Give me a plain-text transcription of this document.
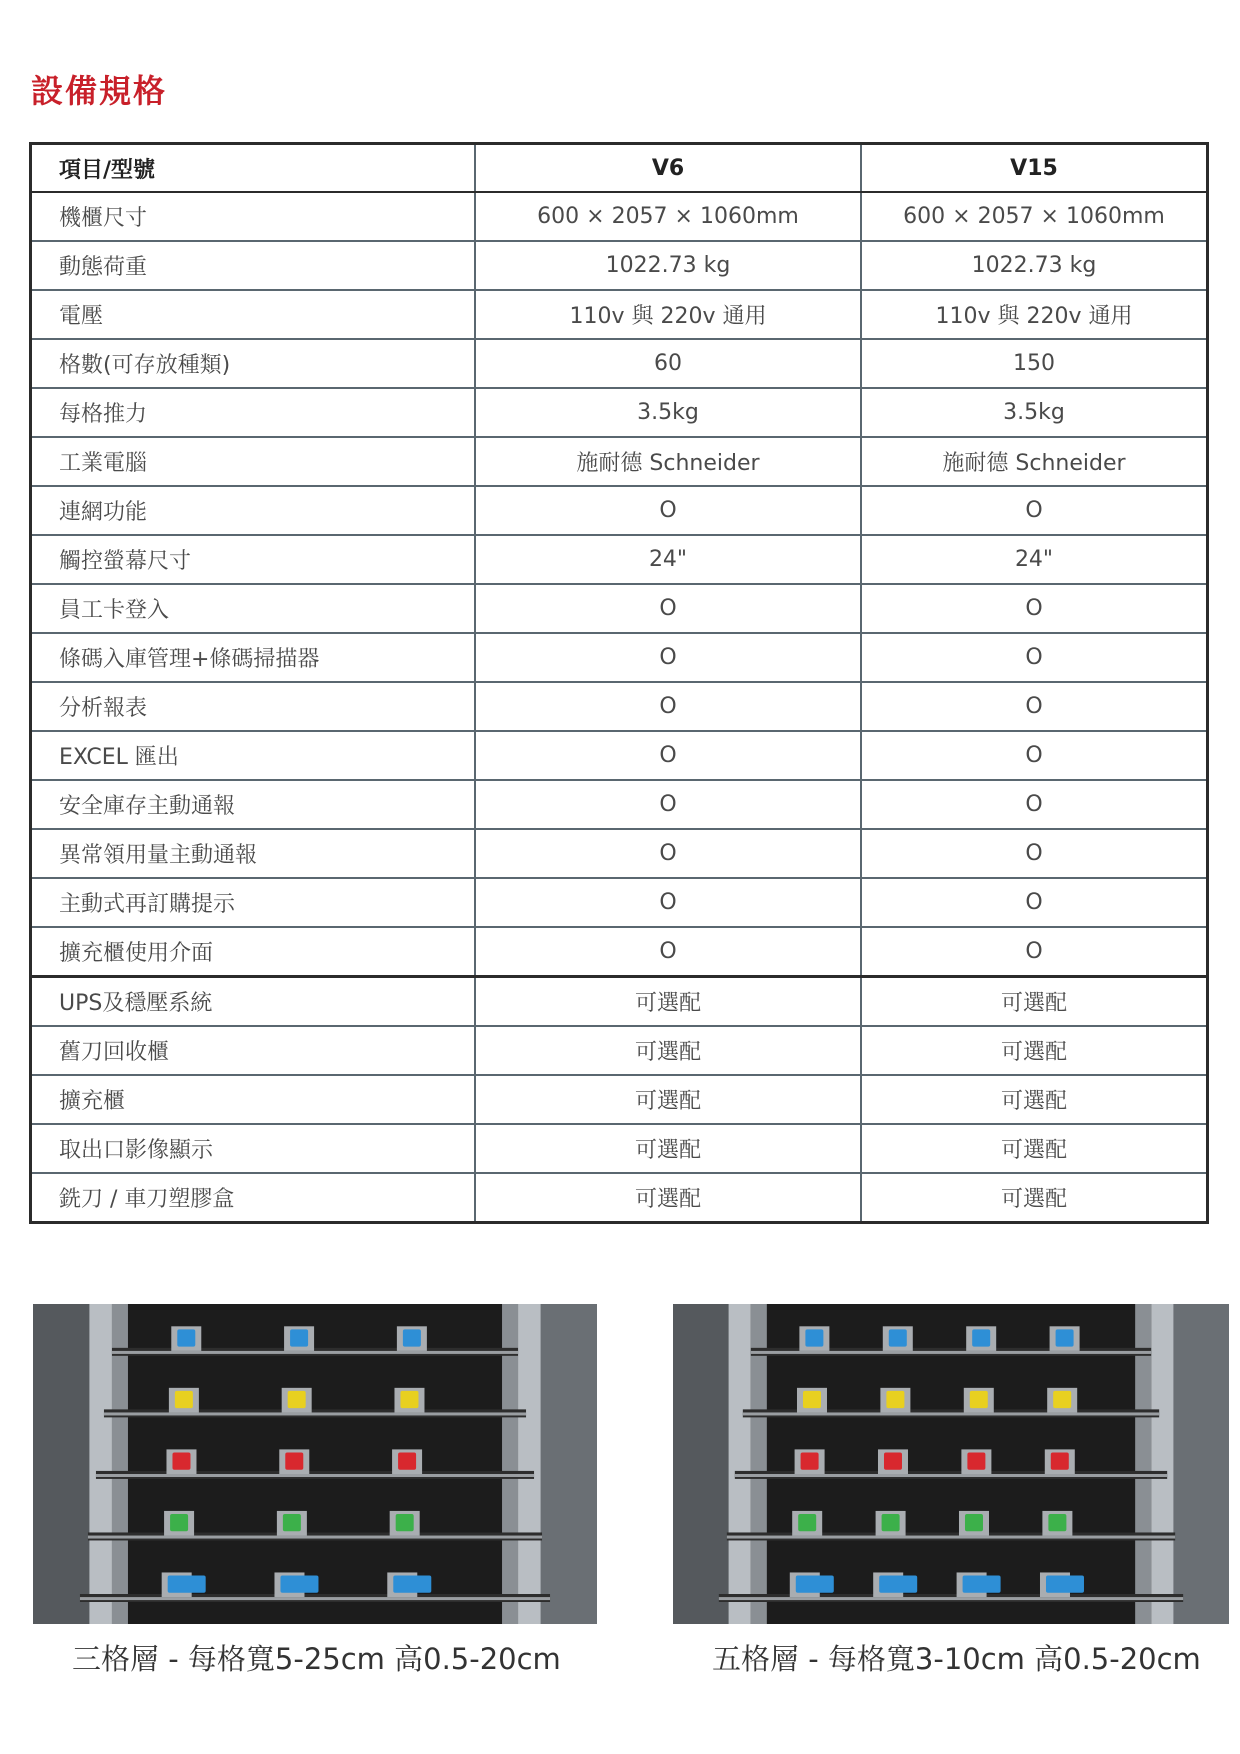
設備規格
項目/型號	V6	V15
機櫃尺寸	600 × 2057 × 1060mm	600 × 2057 × 1060mm
動態荷重	1022.73 kg	1022.73 kg
電壓	110v 與 220v 通用	110v 與 220v 通用
格數(可存放種類)	60	150
每格推力	3.5kg	3.5kg
工業電腦	施耐德 Schneider	施耐德 Schneider
連網功能	O	O
觸控螢幕尺寸	24"	24"
員工卡登入	O	O
條碼入庫管理+條碼掃描器	O	O
分析報表	O	O
EXCEL 匯出	O	O
安全庫存主動通報	O	O
異常領用量主動通報	O	O
主動式再訂購提示	O	O
擴充櫃使用介面	O	O
UPS及穩壓系統	可選配	可選配
舊刀回收櫃	可選配	可選配
擴充櫃	可選配	可選配
取出口影像顯示	可選配	可選配
銑刀 / 車刀塑膠盒	可選配	可選配
三格層 - 每格寬5-25cm 高0.5-20cm	五格層 - 每格寬3-10cm 高0.5-20cm
